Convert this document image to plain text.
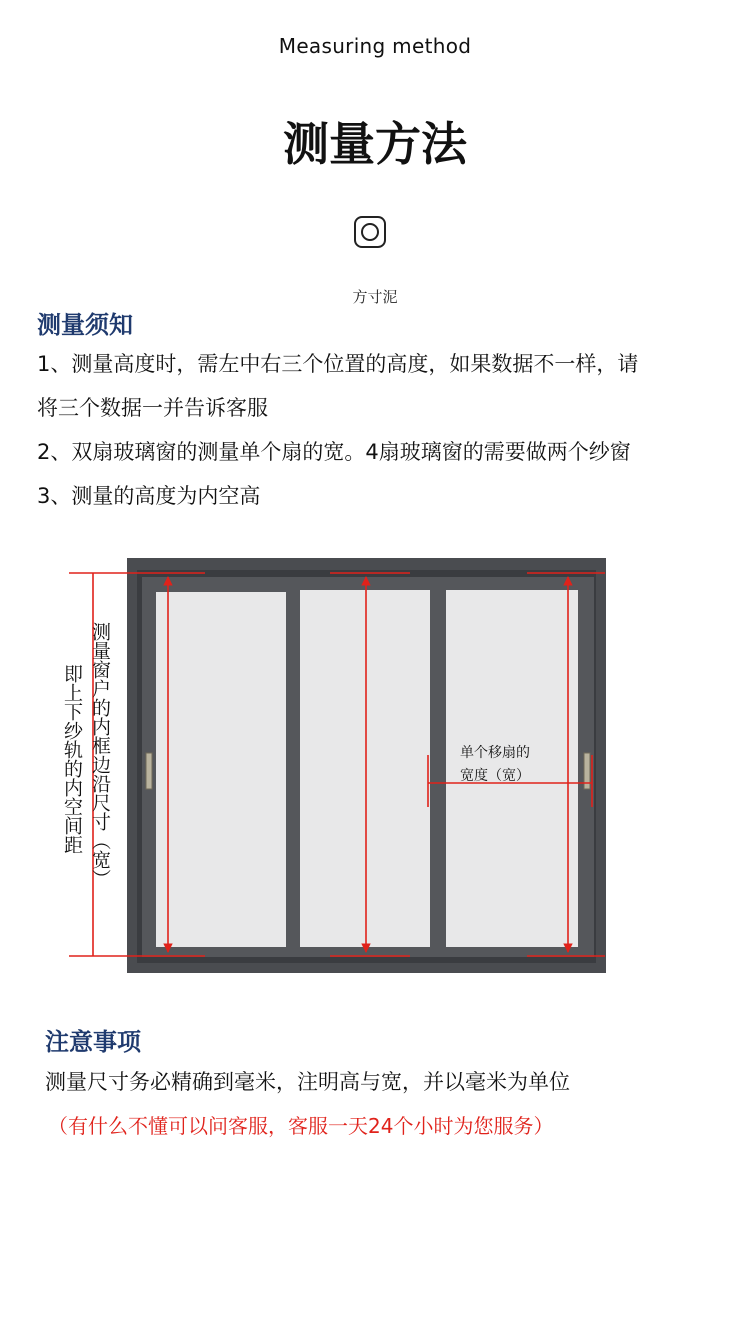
Measuring method
测量方法
方寸泥
测量须知
1、测量高度时，需左中右三个位置的高度，如果数据不一样，请
将三个数据一并告诉客服
2、双扇玻璃窗的测量单个扇的宽。4扇玻璃窗的需要做两个纱窗
3、测量的高度为内空高
测量窗户的内框边沿尺寸（宽）
即上下纱轨的内空间距	单个移扇的
宽度（宽）
注意事项
测量尺寸务必精确到毫米，注明高与宽，并以毫米为单位
（有什么不懂可以问客服，客服一天24个小时为您服务）
